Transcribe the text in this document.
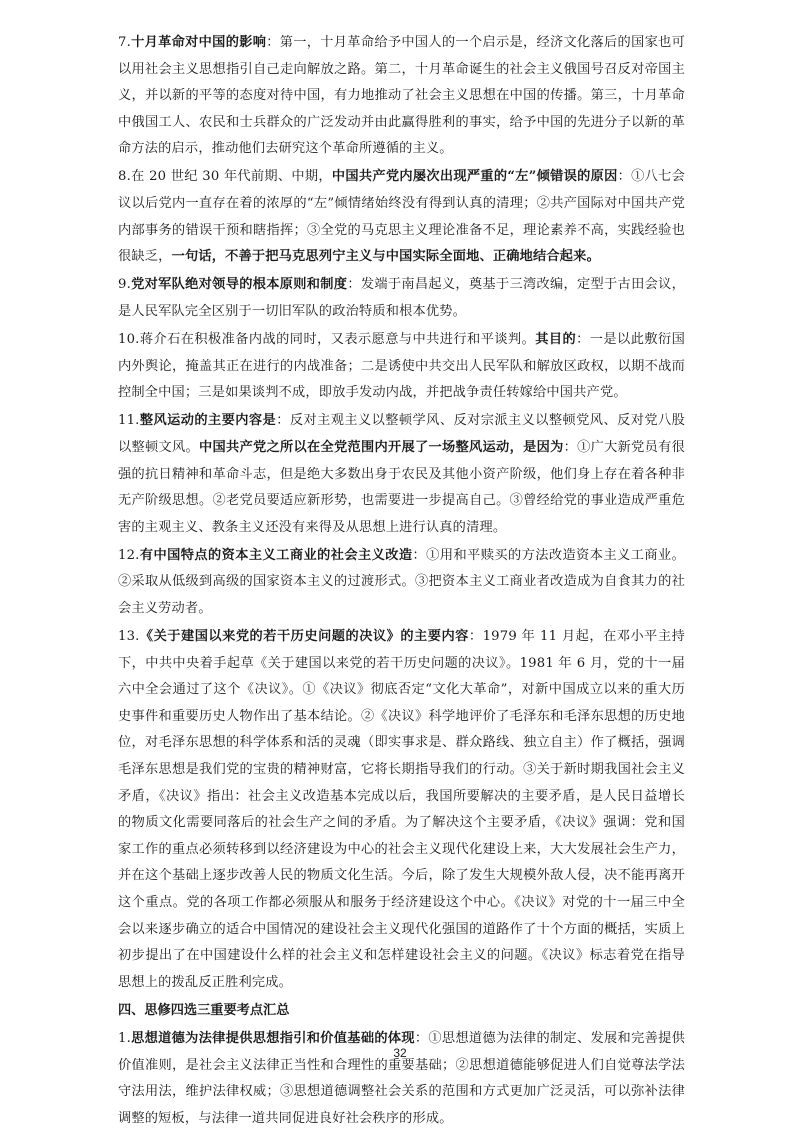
7.十月革命对中国的影响：第一，十月革命给予中国人的一个启示是，经济文化落后的国家也可以用社会主义思想指引自己走向解放之路。第二，十月革命诞生的社会主义俄国号召反对帝国主义，并以新的平等的态度对待中国，有力地推动了社会主义思想在中国的传播。第三，十月革命中俄国工人、农民和士兵群众的广泛发动并由此赢得胜利的事实，给予中国的先进分子以新的革命方法的启示，推动他们去研究这个革命所遵循的主义。

8.在 20 世纪 30 年代前期、中期，中国共产党内屡次出现严重的“左”倾错误的原因：①八七会议以后党内一直存在着的浓厚的“左”倾情绪始终没有得到认真的清理；②共产国际对中国共产党内部事务的错误干预和瞎指挥；③全党的马克思主义理论准备不足，理论素养不高，实践经验也很缺乏，一句话，不善于把马克思列宁主义与中国实际全面地、正确地结合起来。

9.党对军队绝对领导的根本原则和制度：发端于南昌起义，奠基于三湾改编，定型于古田会议，是人民军队完全区别于一切旧军队的政治特质和根本优势。

10.蒋介石在积极准备内战的同时，又表示愿意与中共进行和平谈判。其目的：一是以此敷衍国内外舆论，掩盖其正在进行的内战准备；二是诱使中共交出人民军队和解放区政权，以期不战而控制全中国；三是如果谈判不成，即放手发动内战，并把战争责任转嫁给中国共产党。

11.整风运动的主要内容是：反对主观主义以整顿学风、反对宗派主义以整顿党风、反对党八股以整顿文风。中国共产党之所以在全党范围内开展了一场整风运动，是因为：①广大新党员有很强的抗日精神和革命斗志，但是绝大多数出身于农民及其他小资产阶级，他们身上存在着各种非无产阶级思想。②老党员要适应新形势，也需要进一步提高自己。③曾经给党的事业造成严重危害的主观主义、教条主义还没有来得及从思想上进行认真的清理。

12.有中国特点的资本主义工商业的社会主义改造：①用和平赎买的方法改造资本主义工商业。②采取从低级到高级的国家资本主义的过渡形式。③把资本主义工商业者改造成为自食其力的社会主义劳动者。

13.《关于建国以来党的若干历史问题的决议》的主要内容：1979 年 11 月起，在邓小平主持下，中共中央着手起草《关于建国以来党的若干历史问题的决议》。1981 年 6 月，党的十一届六中全会通过了这个《决议》。①《决议》彻底否定“文化大革命”，对新中国成立以来的重大历史事件和重要历史人物作出了基本结论。②《决议》科学地评价了毛泽东和毛泽东思想的历史地位，对毛泽东思想的科学体系和活的灵魂（即实事求是、群众路线、独立自主）作了概括，强调毛泽东思想是我们党的宝贵的精神财富，它将长期指导我们的行动。③关于新时期我国社会主义矛盾，《决议》指出：社会主义改造基本完成以后，我国所要解决的主要矛盾，是人民日益增长的物质文化需要同落后的社会生产之间的矛盾。为了解决这个主要矛盾，《决议》强调：党和国家工作的重点必须转移到以经济建设为中心的社会主义现代化建设上来，大大发展社会生产力，并在这个基础上逐步改善人民的物质文化生活。今后，除了发生大规模外敌人侵，决不能再离开这个重点。党的各项工作都必须服从和服务于经济建设这个中心。《决议》对党的十一届三中全会以来逐步确立的适合中国情况的建设社会主义现代化强国的道路作了十个方面的概括，实质上初步提出了在中国建设什么样的社会主义和怎样建设社会主义的问题。《决议》标志着党在指导思想上的拨乱反正胜利完成。

四、思修四选三重要考点汇总

1.思想道德为法律提供思想指引和价值基础的体现：①思想道德为法律的制定、发展和完善提供价值准则，是社会主义法律正当性和合理性的重要基础；②思想道德能够促进人们自觉尊法学法守法用法，维护法律权威；③思想道德调整社会关系的范围和方式更加广泛灵活，可以弥补法律调整的短板，与法律一道共同促进良好社会秩序的形成。

32
